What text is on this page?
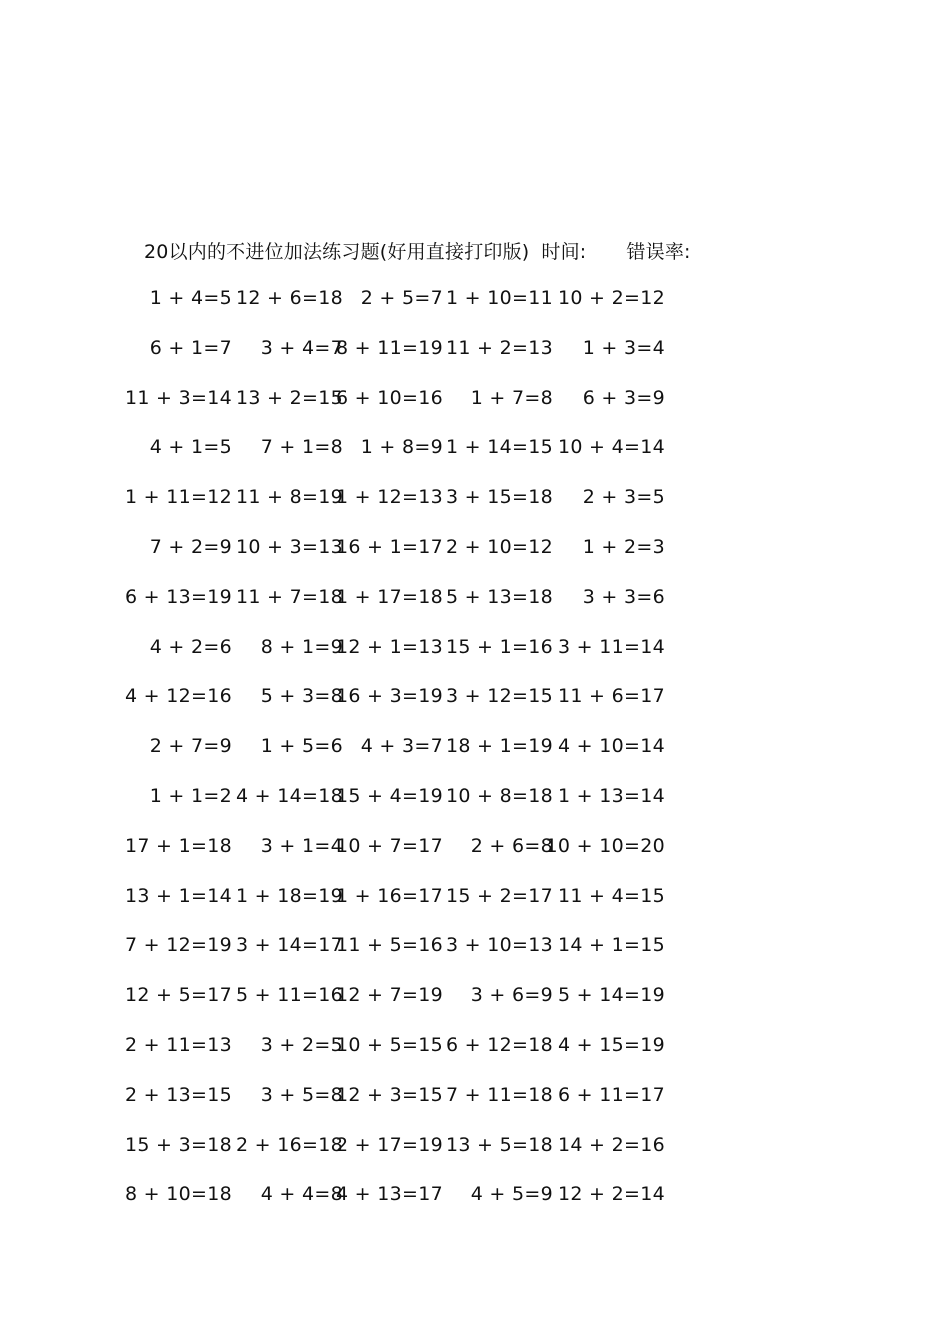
20以内的不进位加法练习题(好用直接打印版) 时间: 错误率:
1 + 4=5 12 + 6=18 2 + 5=7 1 + 10=11 10 + 2=12
6 + 1=7 3 + 4=7
8 + 11=19 11 + 2=13 1 + 3=4
11 + 3=14 13 + 2=15
6 + 10=16 1 + 7=8 6 + 3=9
4 + 1=5 7 + 1=8 1 + 8=9 1 + 14=15 10 + 4=14
1 + 11=12 11 + 8=19
1 + 12=13 3 + 15=18 2 + 3=5
7 + 2=9 10 + 3=13
16 + 1=17 2 + 10=12 1 + 2=3
6 + 13=19 11 + 7=18
1 + 17=18 5 + 13=18 3 + 3=6
4 + 2=6 8 + 1=9
12 + 1=13 15 + 1=16 3 + 11=14
4 + 12=16 5 + 3=8
16 + 3=19 3 + 12=15 11 + 6=17
2 + 7=9 1 + 5=6 4 + 3=7 18 + 1=19 4 + 10=14
1 + 1=2 4 + 14=18
15 + 4=19 10 + 8=18 1 + 13=14
17 + 1=18 3 + 1=4
10 + 7=17 2 + 6=8
10 + 10=20
13 + 1=14 1 + 18=19
1 + 16=17 15 + 2=17 11 + 4=15
7 + 12=19 3 + 14=17
11 + 5=16 3 + 10=13 14 + 1=15
12 + 5=17 5 + 11=16
12 + 7=19 3 + 6=9 5 + 14=19
2 + 11=13 3 + 2=5
10 + 5=15 6 + 12=18 4 + 15=19
2 + 13=15 3 + 5=8
12 + 3=15 7 + 11=18 6 + 11=17
15 + 3=18 2 + 16=18
2 + 17=19 13 + 5=18 14 + 2=16
8 + 10=18 4 + 4=8
4 + 13=17 4 + 5=9 12 + 2=14
